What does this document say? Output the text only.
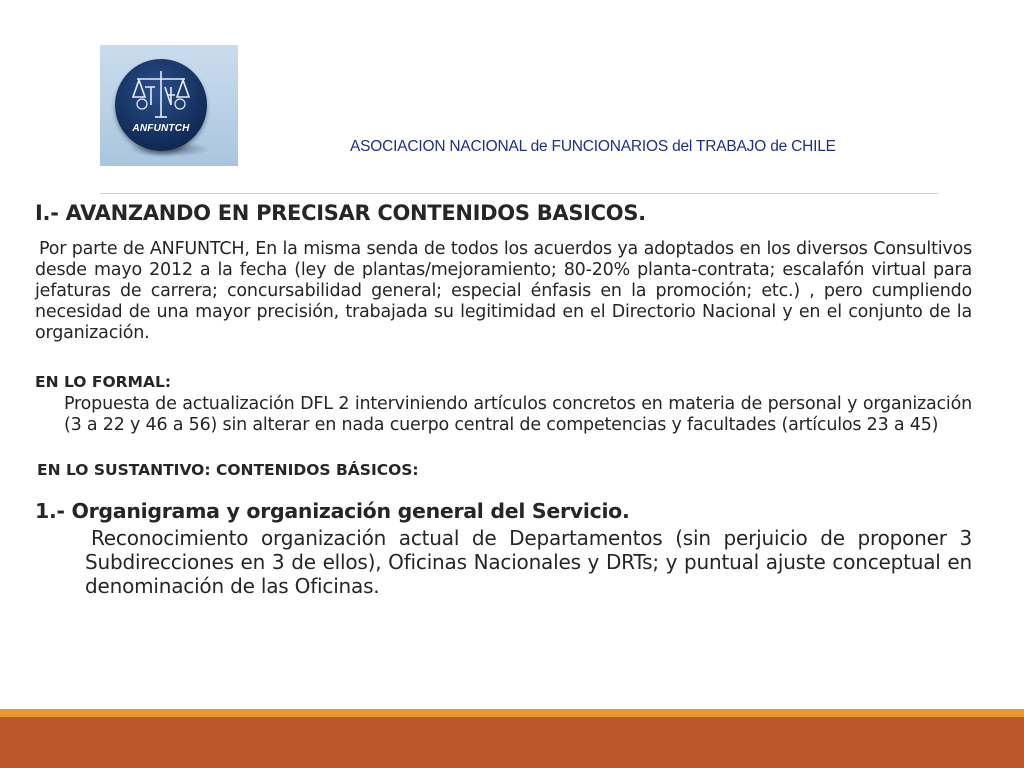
ANFUNTCH
ASOCIACION NACIONAL de FUNCIONARIOS del TRABAJO de CHILE
I.- AVANZANDO EN PRECISAR CONTENIDOS BASICOS.

Por parte de ANFUNTCH, En la misma senda de todos los acuerdos ya adoptados en los diversos Consultivos desde mayo 2012 a la fecha (ley de plantas/mejoramiento; 80-20% planta-contrata; escalafón virtual para jefaturas de carrera; concursabilidad general; especial énfasis en la promoción; etc.) , pero cumpliendo necesidad de una mayor precisión, trabajada su legitimidad en el Directorio Nacional y en el conjunto de la organización.

EN LO FORMAL:

Propuesta de actualización DFL 2 interviniendo artículos concretos en materia de personal y organización (3 a 22 y 46 a 56) sin alterar en nada cuerpo central de competencias y facultades (artículos 23 a 45)

EN LO SUSTANTIVO: CONTENIDOS BÁSICOS:
1.- Organigrama y organización general del Servicio.

Reconocimiento organización actual de Departamentos (sin perjuicio de proponer 3 Subdirecciones en 3 de ellos), Oficinas Nacionales y DRTs; y puntual ajuste conceptual en denominación de las Oficinas.
